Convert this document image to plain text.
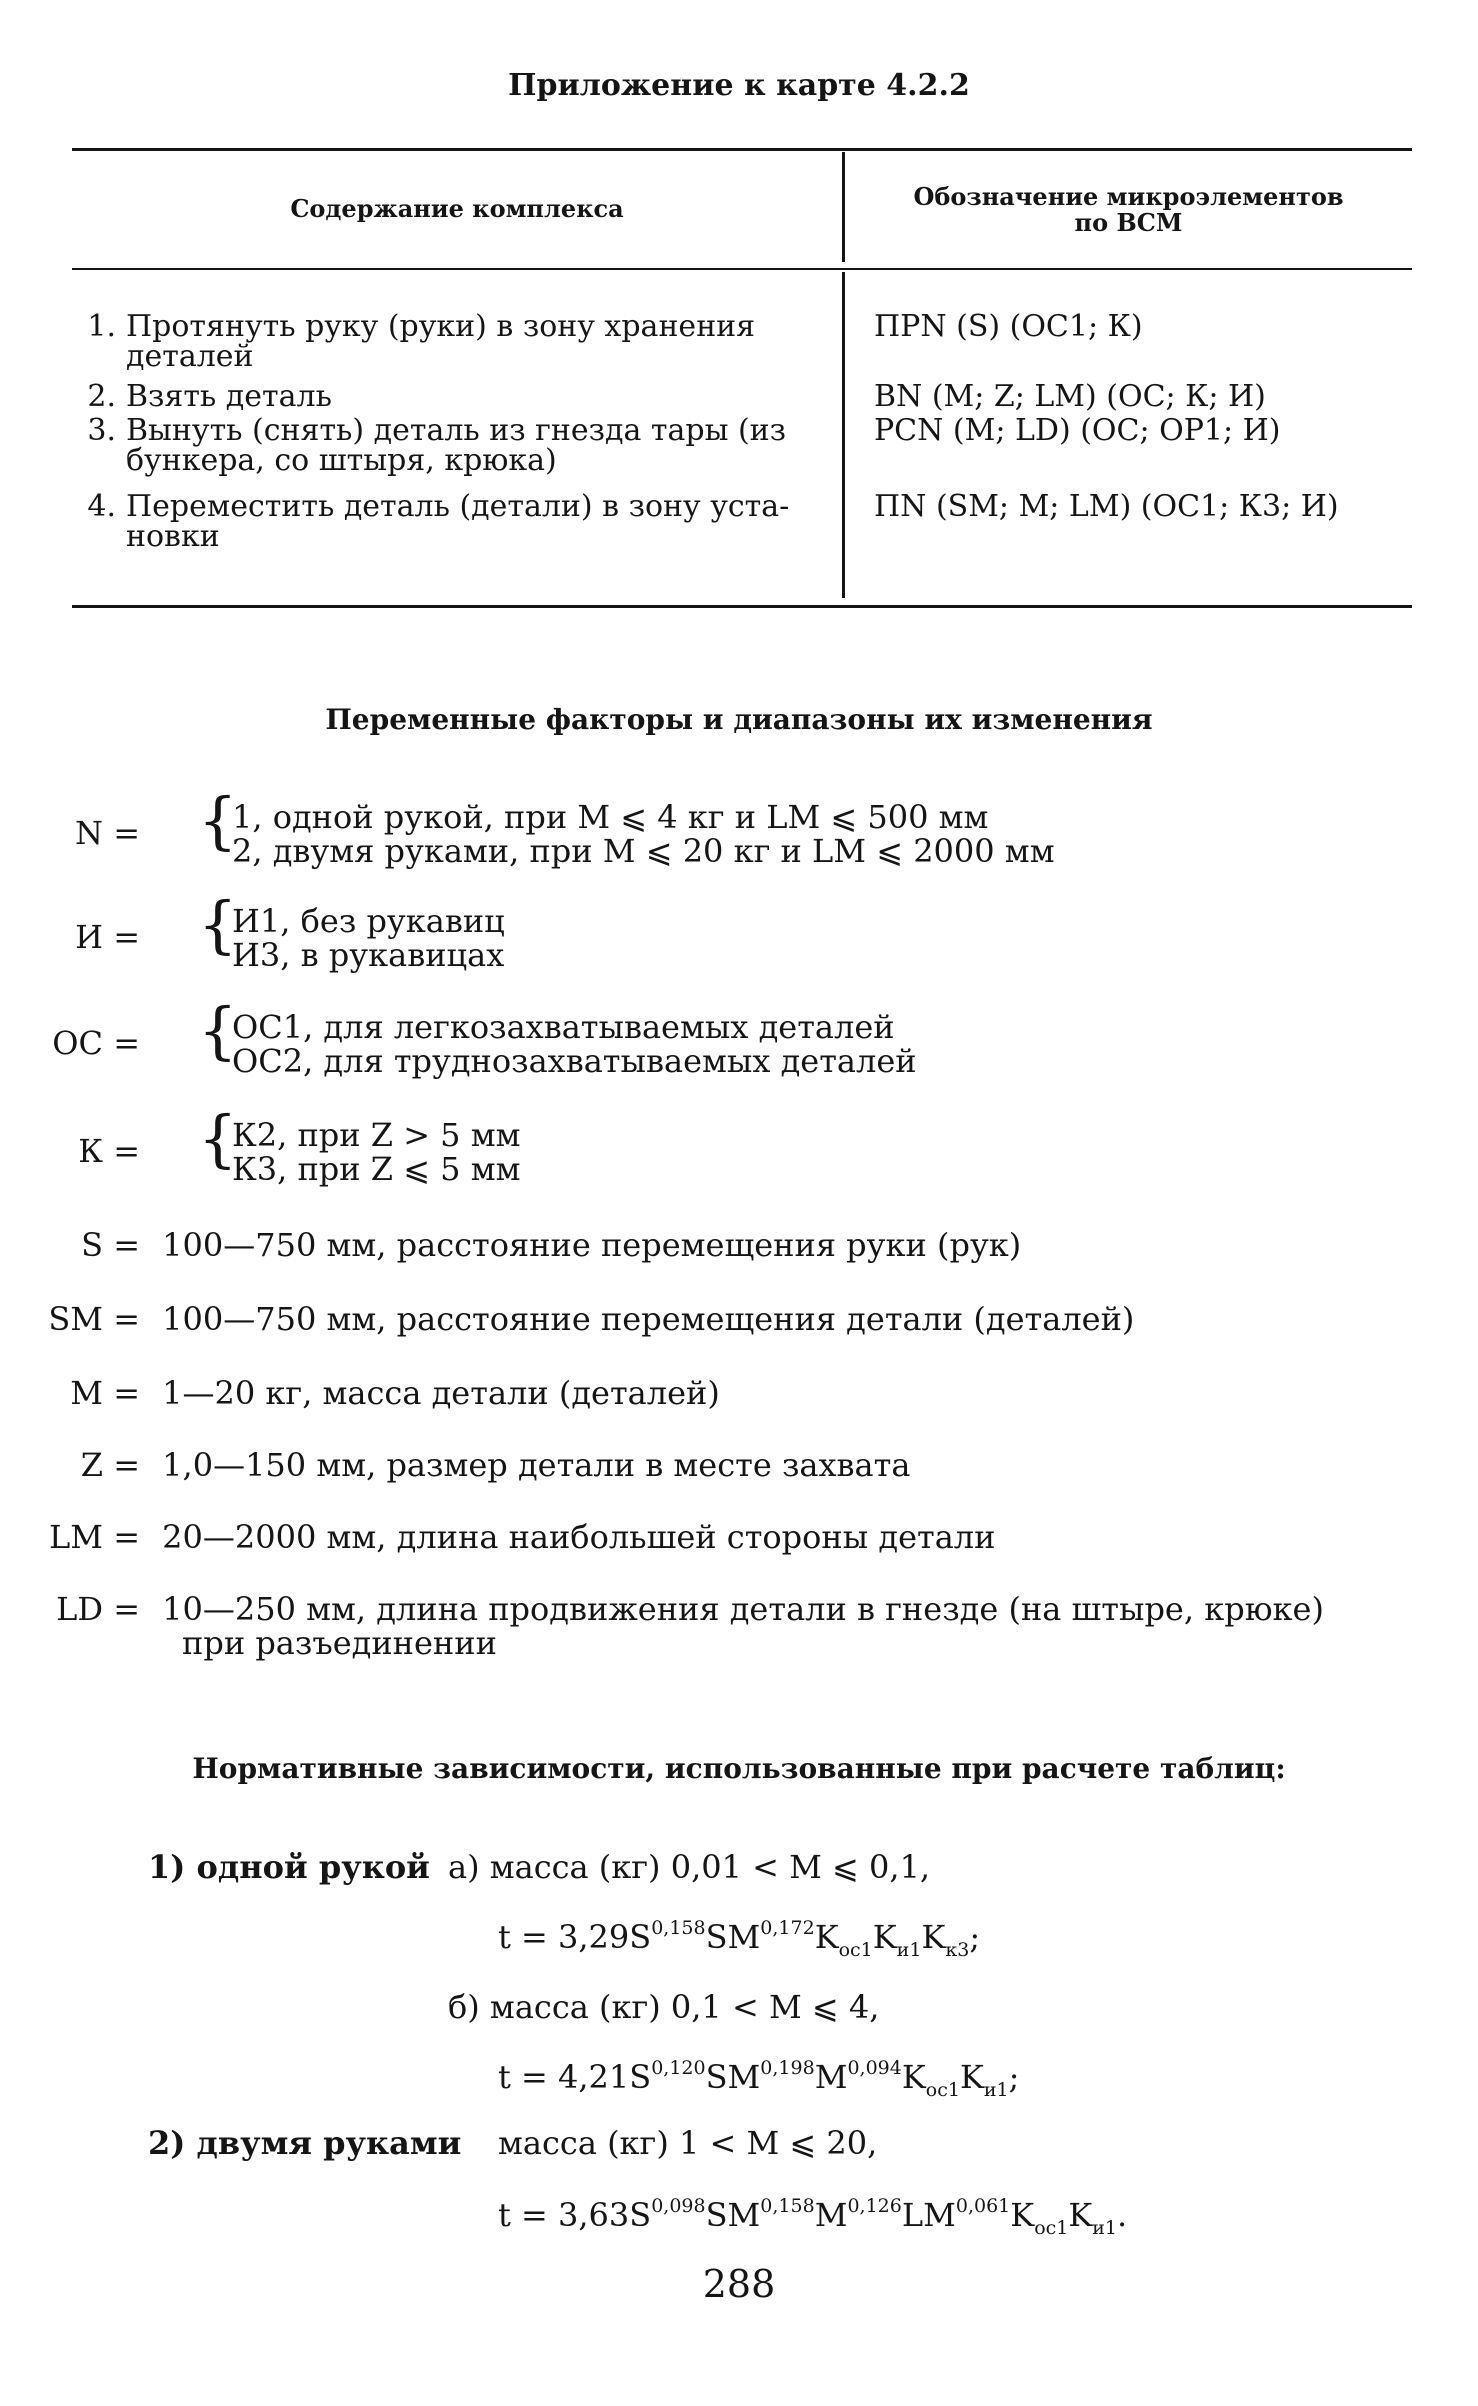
Приложение к карте 4.2.2
Содержание комплекса	Обозначение микроэлементов
по ВСМ
1. Протянуть руку (руки) в зону хранения
деталей
ПРN (S) (ОС1; К)
2. Взять деталь	ВN (М; Z; LM) (ОС; К; И)
3. Вынуть (снять) деталь из гнезда тары (из
бункера, со штыря, крюка)
РСN (М; LD) (ОС; ОР1; И)
4. Переместить деталь (детали) в зону уста-
новки
ПN (SM; М; LM) (ОС1; К3; И)
Переменные факторы и диапазоны их изменения
N = {
1, одной рукой, при M ⩽ 4 кг и LM ⩽ 500 мм
2, двумя руками, при M ⩽ 20 кг и LM ⩽ 2000 мм
И = {
И1, без рукавиц
И3, в рукавицах
ОС = {
ОС1, для легкозахватываемых деталей
ОС2, для труднозахватываемых деталей
К = {
К2, при Z > 5 мм
К3, при Z ⩽ 5 мм
S = 100—750 мм, расстояние перемещения руки (рук)
SM = 100—750 мм, расстояние перемещения детали (деталей)
M = 1—20 кг, масса детали (деталей)
Z = 1,0—150 мм, размер детали в месте захвата
LM = 20—2000 мм, длина наибольшей стороны детали
LD = 10—250 мм, длина продвижения детали в гнезде (на штыре, крюке)
при разъединении
Нормативные зависимости, использованные при расчете таблиц:
1) одной рукой а) масса (кг) 0,01 < M ⩽ 0,1,
$t = 3,29S^{0,158}SM^{0,172}K_{ос1}K_{и1}K_{к3}$;
б) масса (кг) 0,1 < M ⩽ 4,
$t = 4,21S^{0,120}SM^{0,198}M^{0,094}K_{ос1}K_{и1}$;
2) двумя руками масса (кг) 1 < M ⩽ 20,
$t = 3,63S^{0,098}SM^{0,158}M^{0,126}LM^{0,061}K_{ос1}K_{и1}$.
288
